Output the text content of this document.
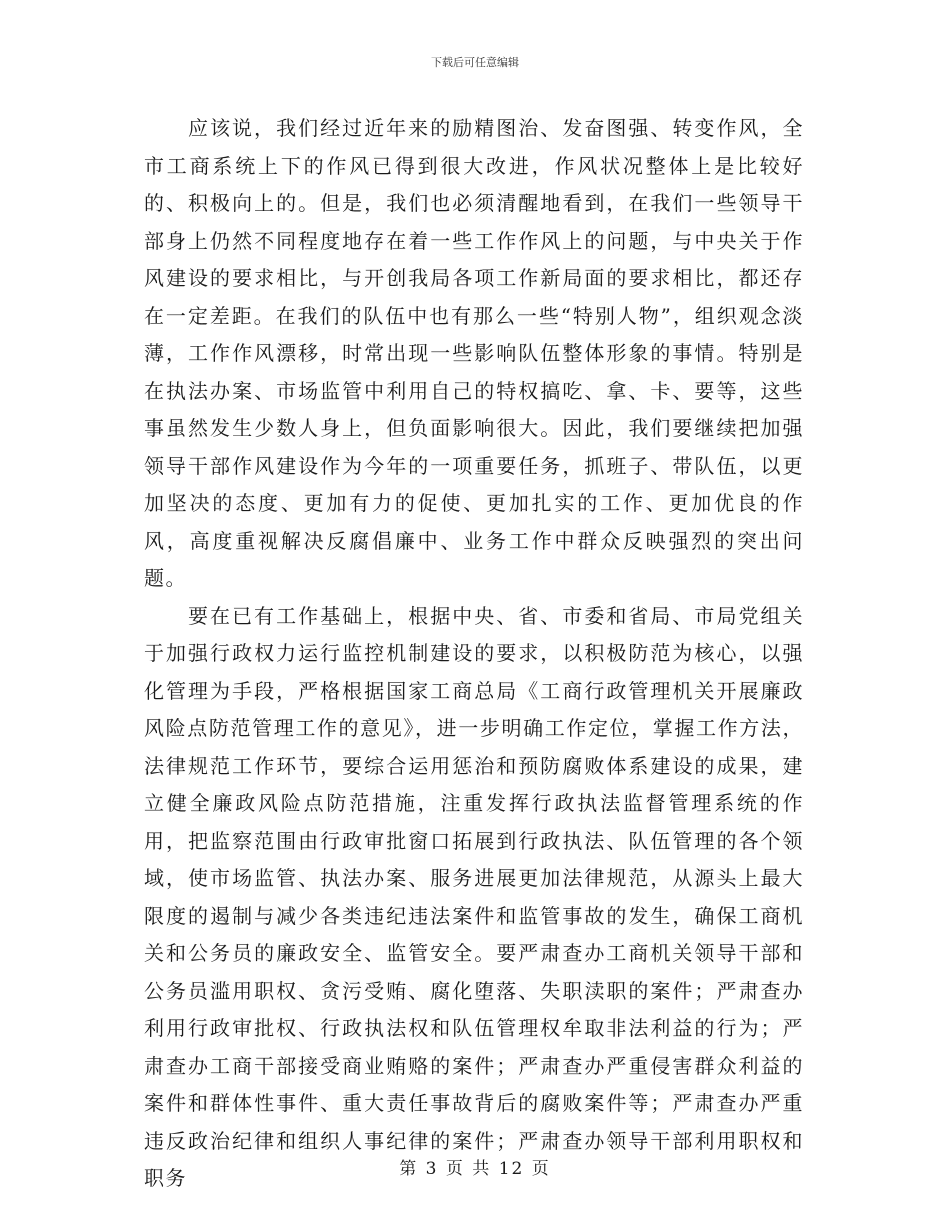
下载后可任意编辑

应该说，我们经过近年来的励精图治、发奋图强、转变作风，全市工商系统上下的作风已得到很大改进，作风状况整体上是比较好的、积极向上的。但是，我们也必须清醒地看到，在我们一些领导干部身上仍然不同程度地存在着一些工作作风上的问题，与中央关于作风建设的要求相比，与开创我局各项工作新局面的要求相比，都还存在一定差距。在我们的队伍中也有那么一些“特别人物”，组织观念淡薄，工作作风漂移，时常出现一些影响队伍整体形象的事情。特别是在执法办案、市场监管中利用自己的特权搞吃、拿、卡、要等，这些事虽然发生少数人身上，但负面影响很大。因此，我们要继续把加强领导干部作风建设作为今年的一项重要任务，抓班子、带队伍，以更加坚决的态度、更加有力的促使、更加扎实的工作、更加优良的作风，高度重视解决反腐倡廉中、业务工作中群众反映强烈的突出问题。

要在已有工作基础上，根据中央、省、市委和省局、市局党组关于加强行政权力运行监控机制建设的要求，以积极防范为核心，以强化管理为手段，严格根据国家工商总局《工商行政管理机关开展廉政风险点防范管理工作的意见》，进一步明确工作定位，掌握工作方法，法律规范工作环节，要综合运用惩治和预防腐败体系建设的成果，建立健全廉政风险点防范措施，注重发挥行政执法监督管理系统的作用，把监察范围由行政审批窗口拓展到行政执法、队伍管理的各个领域，使市场监管、执法办案、服务进展更加法律规范，从源头上最大限度的遏制与减少各类违纪违法案件和监管事故的发生，确保工商机关和公务员的廉政安全、监管安全。要严肃查办工商机关领导干部和公务员滥用职权、贪污受贿、腐化堕落、失职渎职的案件；严肃查办利用行政审批权、行政执法权和队伍管理权牟取非法利益的行为；严肃查办工商干部接受商业贿赂的案件；严肃查办严重侵害群众利益的案件和群体性事件、重大责任事故背后的腐败案件等；严肃查办严重违反政治纪律和组织人事纪律的案件；严肃查办领导干部利用职权和职务	第 3 页 共 12 页
